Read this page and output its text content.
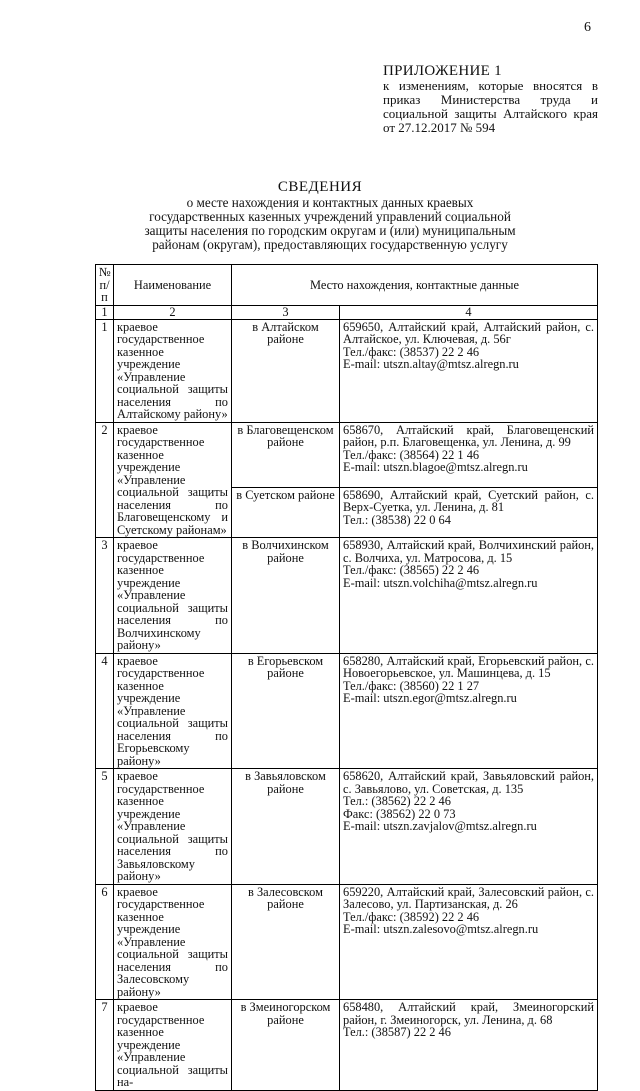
6
ПРИЛОЖЕНИЕ 1
к изменениям, которые вносятся в приказ Министерства труда и социальной защиты Алтайского края от 27.12.2017 № 594
СВЕДЕНИЯ
о месте нахождения и контактных данных краевых государственных казенных учреждений управлений социальной защиты населения по городским округам и (или) муниципальным районам (округам), предоставляющих государственную услугу
№ п/п	Наименование	Место нахождения, контактные данные	
1	2	3	4
1	краевое государственное казенное учреждение «Управление социальной защиты населения по Алтайскому району»	в Алтайском районе	659650, Алтайский край, Алтайский район, с. Алтайское, ул. Ключевая, д. 56г
Тел./факс: (38537) 22 2 46
E-mail: utszn.altay@mtsz.alregn.ru

2	краевое государственное казенное учреждение «Управление социальной защиты населения по Благовещенскому и Суетскому районам»	в Благовещенском районе	658670, Алтайский край, Благовещенский район, р.п. Благовещенка, ул. Ленина, д. 99
Тел./факс: (38564) 22 1 46
E-mail: utszn.blagoe@mtsz.alregn.ru

		в Суетском районе	658690, Алтайский край, Суетский район, с. Верх-Суетка, ул. Ленина, д. 81
Тел.: (38538) 22 0 64

3	краевое государственное казенное учреждение «Управление социальной защиты населения по Волчихинскому району»	в Волчихинском районе	658930, Алтайский край, Волчихинский район, с. Волчиха, ул. Матросова, д. 15
Тел./факс: (38565) 22 2 46
E-mail: utszn.volchiha@mtsz.alregn.ru

4	краевое государственное казенное учреждение «Управление социальной защиты населения по Егорьевскому району»	в Егорьевском районе	658280, Алтайский край, Егорьевский район, с. Новоегорьевское, ул. Машинцева, д. 15
Тел./факс: (38560) 22 1 27
E-mail: utszn.egor@mtsz.alregn.ru

5	краевое государственное казенное учреждение «Управление социальной защиты населения по Завьяловскому району»	в Завьяловском районе	658620, Алтайский край, Завьяловский район, с. Завьялово, ул. Советская, д. 135
Тел.: (38562) 22 2 46
Факс: (38562) 22 0 73
E-mail: utszn.zavjalov@mtsz.alregn.ru

6	краевое государственное казенное учреждение «Управление социальной защиты населения по Залесовскому району»	в Залесовском районе	659220, Алтайский край, Залесовский район, с. Залесово, ул. Партизанская, д. 26
Тел./факс: (38592) 22 2 46
E-mail: utszn.zalesovo@mtsz.alregn.ru

7	краевое государственное казенное учреждение «Управление социальной защиты на-	в Змеиногорском районе	658480, Алтайский край, Змеиногорский район, г. Змеиногорск, ул. Ленина, д. 68
Тел.: (38587) 22 2 46
